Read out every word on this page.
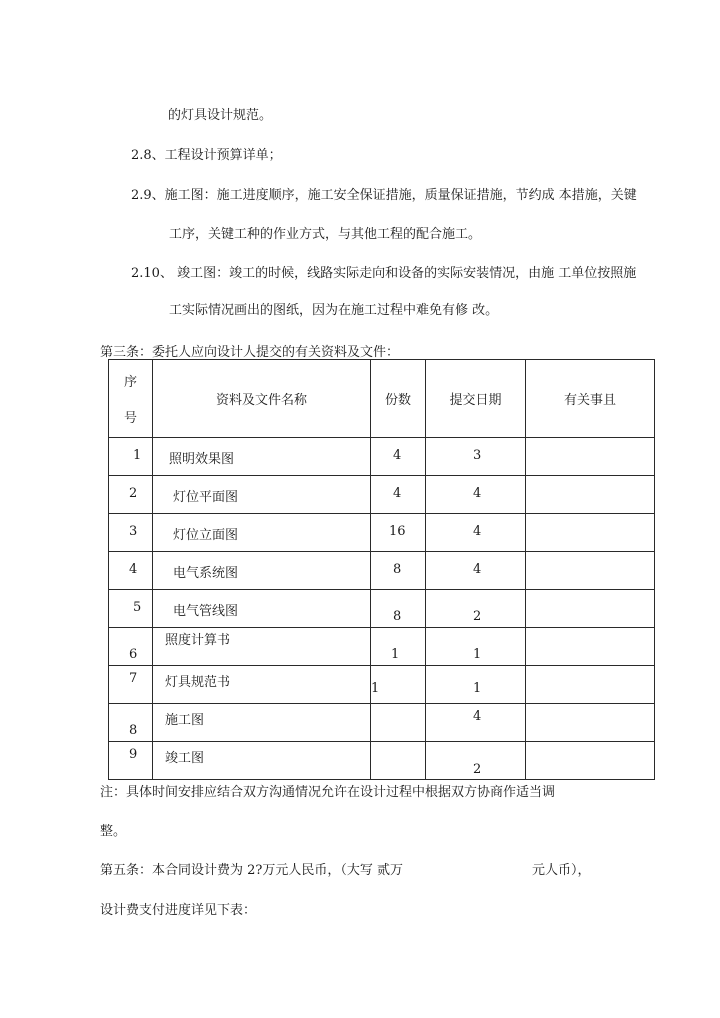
的灯具设计规范。
2.8、工程设计预算详单；
2.9、施工图：施工进度顺序，施工安全保证措施，质量保证措施，节约成 本措施，关键
工序，关键工种的作业方式，与其他工程的配合施工。
2.10、 竣工图：竣工的时候，线路实际走向和设备的实际安装情况，由施 工单位按照施
工实际情况画出的图纸，因为在施工过程中难免有修 改。
第三条：委托人应向设计人提交的有关资料及文件：
序
号	资料及文件名称	份数	提交日期	有关事且

1	照明效果图	4	3	

2	灯位平面图	4	4	

3	灯位立面图	16	4	

4	电气系统图	8	4	

5	电气管线图	8	2	

6	照度计算书	1	1	

7	灯具规范书	1	1	

8	施工图		4	

9	竣工图		2	

注：具体时间安排应结合双方沟通情况允许在设计过程中根据双方协商作适当调
整。
第五条：本合同设计费为 2?万元人民币，（大写 贰万	元人币），
设计费支付进度详见下表：
